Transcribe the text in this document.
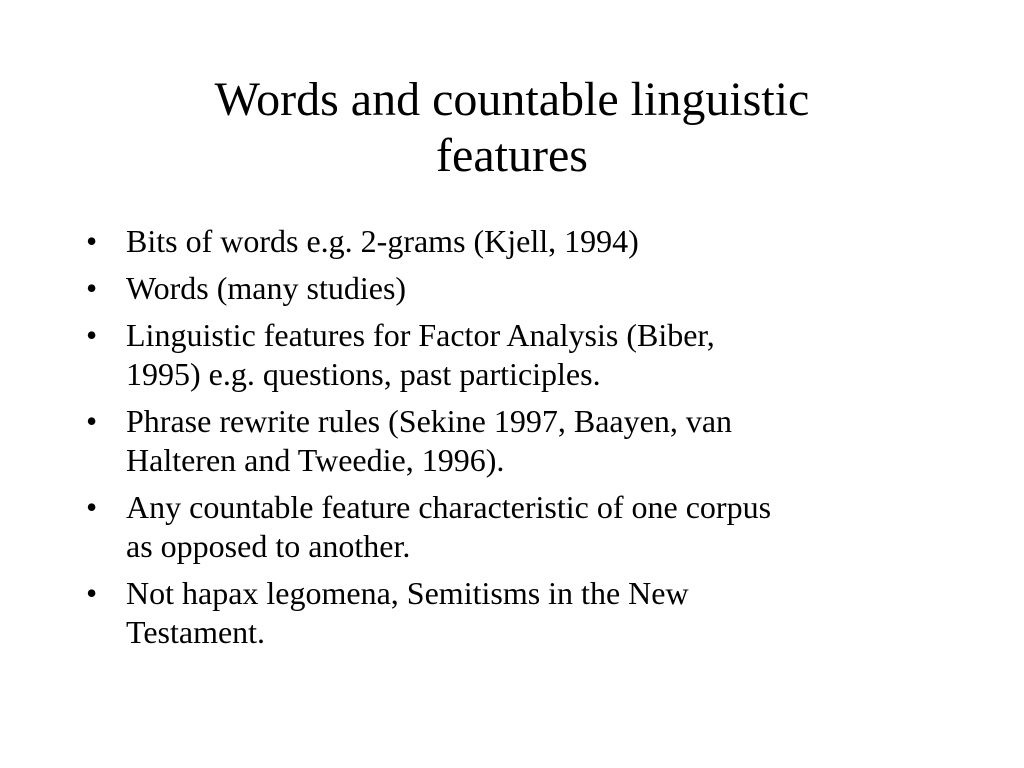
Words and countable linguistic
features
• Bits of words e.g. 2-grams (Kjell, 1994)
• Words (many studies)
• Linguistic features for Factor Analysis (Biber,
1995) e.g. questions, past participles.
• Phrase rewrite rules (Sekine 1997, Baayen, van
Halteren and Tweedie, 1996).
• Any countable feature characteristic of one corpus
as opposed to another.
• Not hapax legomena, Semitisms in the New
Testament.
